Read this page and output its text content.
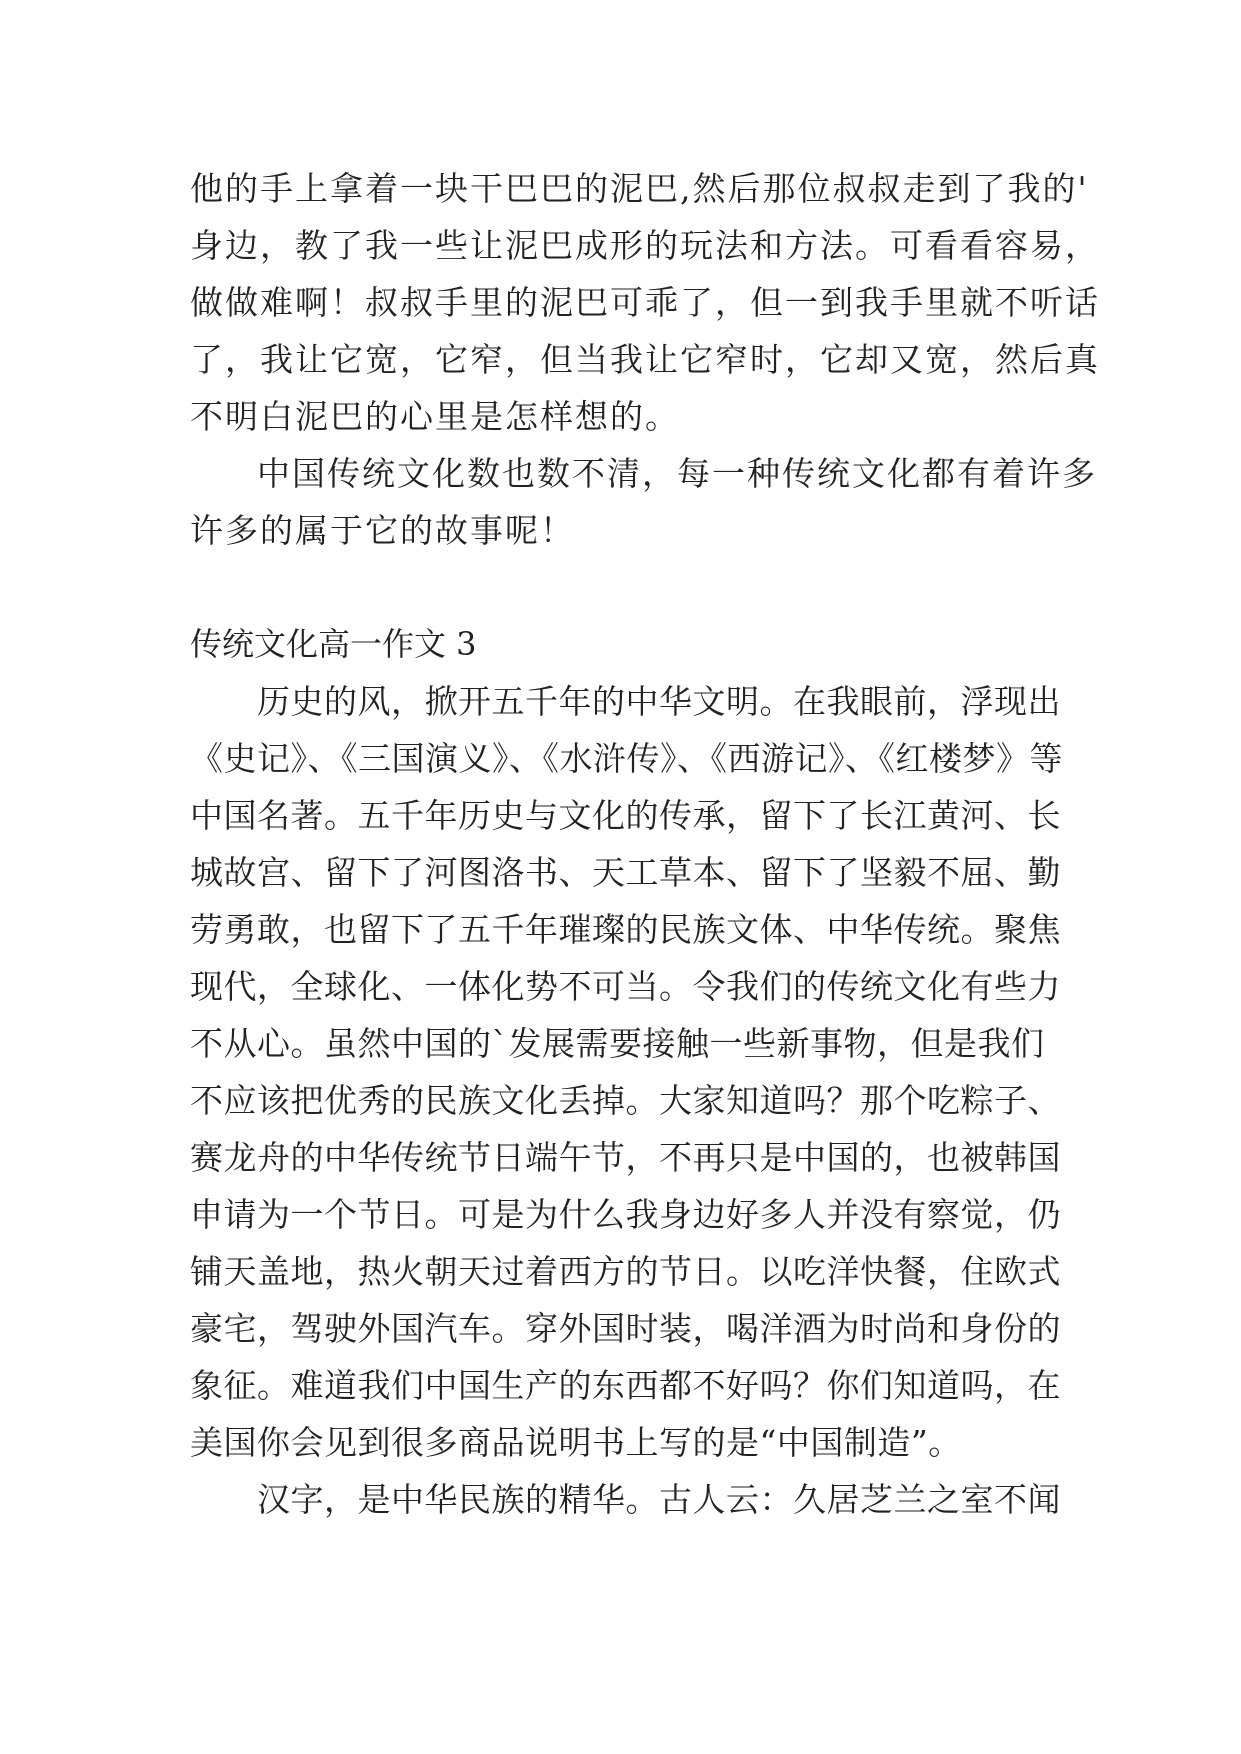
他的手上拿着一块干巴巴的泥巴,然后那位叔叔走到了我的'
身边，教了我一些让泥巴成形的玩法和方法。可看看容易，
做做难啊！叔叔手里的泥巴可乖了，但一到我手里就不听话
了，我让它宽，它窄，但当我让它窄时，它却又宽，然后真
不明白泥巴的心里是怎样想的。
中国传统文化数也数不清，每一种传统文化都有着许多
许多的属于它的故事呢！
传统文化高一作文 3
历史的风，掀开五千年的中华文明。在我眼前，浮现出
《史记》、《三国演义》、《水浒传》、《西游记》、《红楼梦》等
中国名著。五千年历史与文化的传承，留下了长江黄河、长
城故宫、留下了河图洛书、天工草本、留下了坚毅不屈、勤
劳勇敢，也留下了五千年璀璨的民族文体、中华传统。聚焦
现代，全球化、一体化势不可当。令我们的传统文化有些力
不从心。虽然中国的`发展需要接触一些新事物，但是我们
不应该把优秀的民族文化丢掉。大家知道吗？那个吃粽子、
赛龙舟的中华传统节日端午节，不再只是中国的，也被韩国
申请为一个节日。可是为什么我身边好多人并没有察觉，仍
铺天盖地，热火朝天过着西方的节日。以吃洋快餐，住欧式
豪宅，驾驶外国汽车。穿外国时装，喝洋酒为时尚和身份的
象征。难道我们中国生产的东西都不好吗？你们知道吗，在
美国你会见到很多商品说明书上写的是“中国制造”。
汉字，是中华民族的精华。古人云：久居芝兰之室不闻
